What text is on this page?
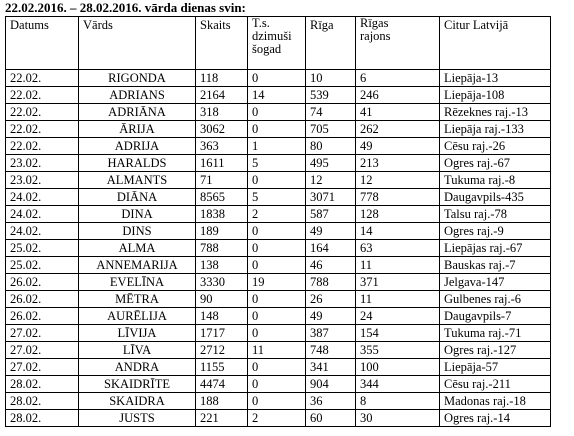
22.02.2016. – 28.02.2016. vārda dienas svin:
Datums	Vārds	Skaits	T.s.
dzimuši
šogad	Rīga	Rīgas
rajons	Citur Latvijā
22.02.	RIGONDA	118	0	10	6	Liepāja-13
22.02.	ADRIANS	2164	14	539	246	Liepāja-108
22.02.	ADRIĀNA	318	0	74	41	Rēzeknes raj.-13
22.02.	ĀRIJA	3062	0	705	262	Liepāja raj.-133
22.02.	ADRIJA	363	1	80	49	Cēsu raj.-26
23.02.	HARALDS	1611	5	495	213	Ogres raj.-67
23.02.	ALMANTS	71	0	12	12	Tukuma raj.-8
24.02.	DIĀNA	8565	5	3071	778	Daugavpils-435
24.02.	DINA	1838	2	587	128	Talsu raj.-78
24.02.	DINS	189	0	49	14	Ogres raj.-9
25.02.	ALMA	788	0	164	63	Liepājas raj.-67
25.02.	ANNEMARIJA	138	0	46	11	Bauskas raj.-7
26.02.	EVELĪNA	3330	19	788	371	Jelgava-147
26.02.	MĒTRA	90	0	26	11	Gulbenes raj.-6
26.02.	AURĒLIJA	148	0	49	24	Daugavpils-7
27.02.	LĪVIJA	1717	0	387	154	Tukuma raj.-71
27.02.	LĪVA	2712	11	748	355	Ogres raj.-127
27.02.	ANDRA	1155	0	341	100	Liepāja-57
28.02.	SKAIDRĪTE	4474	0	904	344	Cēsu raj.-211
28.02.	SKAIDRA	188	0	36	8	Madonas raj.-18
28.02.	JUSTS	221	2	60	30	Ogres raj.-14
